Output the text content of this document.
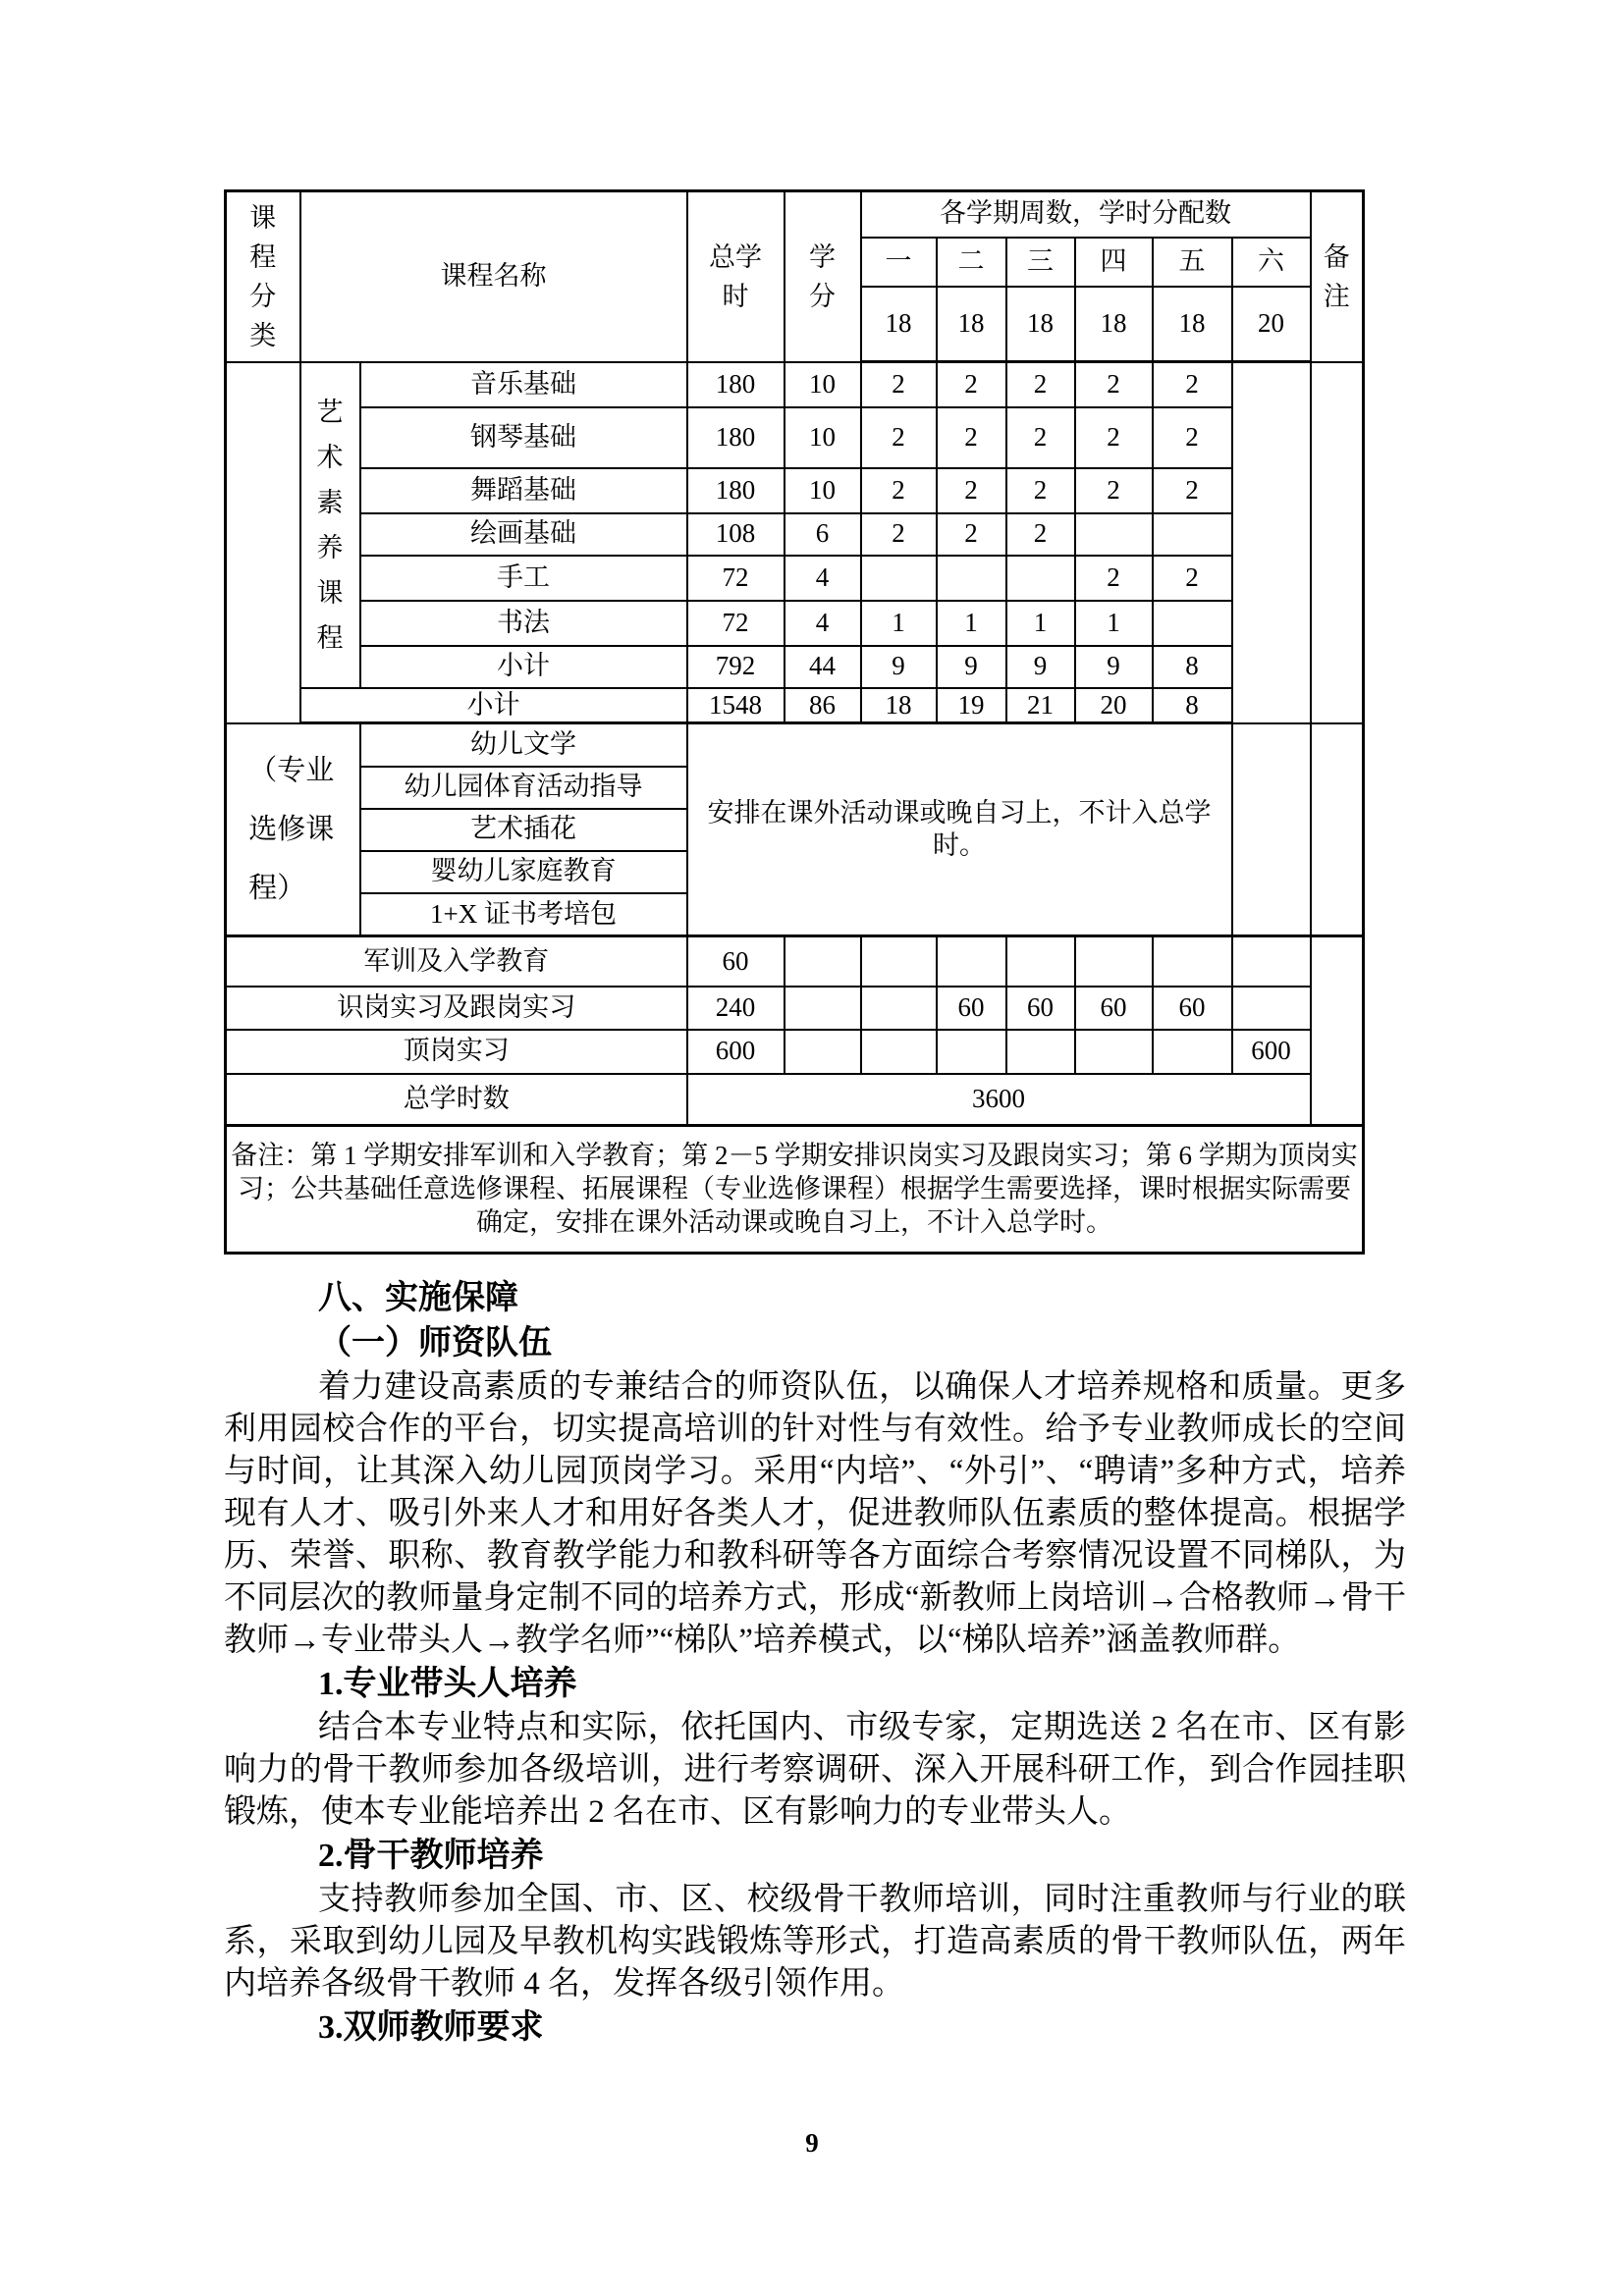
课程分类	课程名称		总学时	学分	各学期周数，学时分配数						备注
					一	二	三	四	五	六	
					18	18	18	18	18	20	
	艺术素养课程	音乐基础	180	10	2	2	2	2	2		
		钢琴基础	180	10	2	2	2	2	2		
		舞蹈基础	180	10	2	2	2	2	2		
		绘画基础	108	6	2	2	2				
		手工	72	4				2	2		
		书法	72	4	1	1	1	1			
		小计	792	44	9	9	9	9	8		
	小计		1548	86	18	19	21	20	8		

（专业选修课程）		幼儿文学	安排在课外活动课或晚自习上，不计入总学时。								
		幼儿园体育活动指导									
		艺术插花									
		婴幼儿家庭教育									
		1+X 证书考培包									
军训及入学教育			60								
识岗实习及跟岗实习			240			60	60	60	60		
顶岗实习			600							600	
总学时数			3600								
备注：第 1 学期安排军训和入学教育；第 2－5 学期安排识岗实习及跟岗实习；第 6 学期为顶岗实习；公共基础任意选修课程、拓展课程（专业选修课程）根据学生需要选择，课时根据实际需要确定，安排在课外活动课或晚自习上，不计入总学时。											
八、实施保障
（一）师资队伍

着力建设高素质的专兼结合的师资队伍，以确保人才培养规格和质量。更多利用园校合作的平台，切实提高培训的针对性与有效性。给予专业教师成长的空间与时间，让其深入幼儿园顶岗学习。采用“内培”、“外引”、“聘请”多种方式，培养现有人才、吸引外来人才和用好各类人才，促进教师队伍素质的整体提高。根据学历、荣誉、职称、教育教学能力和教科研等各方面综合考察情况设置不同梯队，为不同层次的教师量身定制不同的培养方式，形成“新教师上岗培训→合格教师→骨干教师→专业带头人→教学名师”“梯队”培养模式，以“梯队培养”涵盖教师群。

1.专业带头人培养

结合本专业特点和实际，依托国内、市级专家，定期选送 2 名在市、区有影响力的骨干教师参加各级培训，进行考察调研、深入开展科研工作，到合作园挂职锻炼，使本专业能培养出 2 名在市、区有影响力的专业带头人。

2.骨干教师培养

支持教师参加全国、市、区、校级骨干教师培训，同时注重教师与行业的联系，采取到幼儿园及早教机构实践锻炼等形式，打造高素质的骨干教师队伍，两年内培养各级骨干教师 4 名，发挥各级引领作用。

3.双师教师要求
9
